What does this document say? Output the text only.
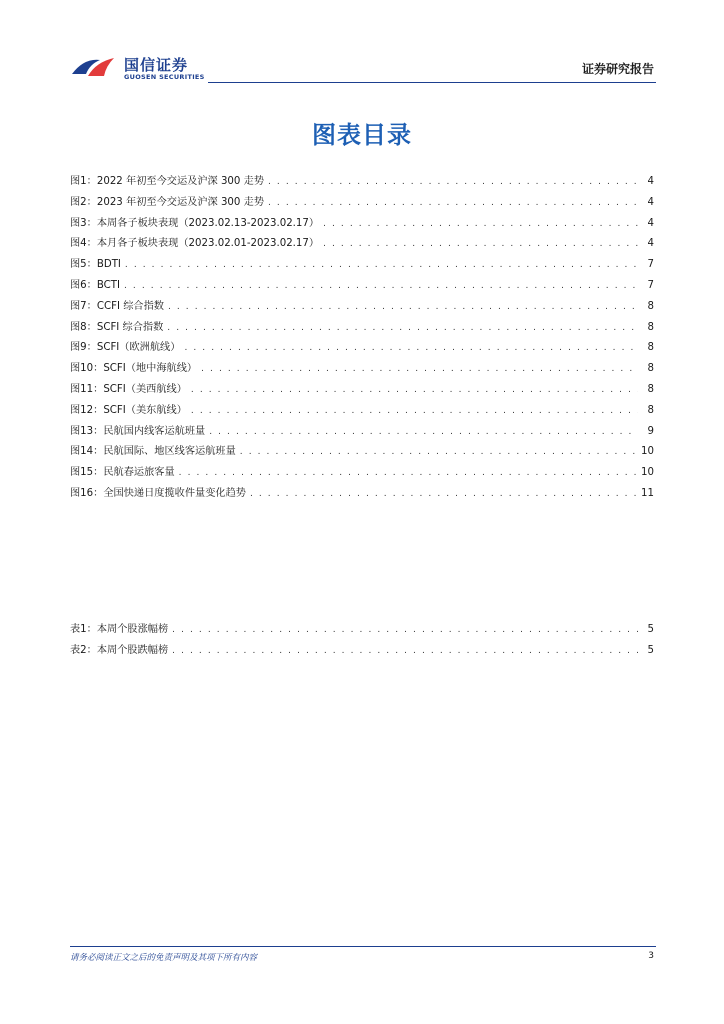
国信证券
GUOSEN SECURITIES
证券研究报告
图表目录
图1： 2022 年初至今交运及沪深 300 走势 . . .	4
图2： 2023 年初至今交运及沪深 300 走势 . . .	4
图3： 本周各子板块表现（2023.02.13-2023.02.17） . . .	4
图4： 本月各子板块表现（2023.02.01-2023.02.17） . . .	4
图5： BDTI . . .	7
图6： BCTI . . .	7
图7： CCFI 综合指数 . . .	8
图8： SCFI 综合指数 . . .	8
图9： SCFI（欧洲航线） . . .	8
图10： SCFI（地中海航线） . . .	8
图11： SCFI（美西航线） . . .	8
图12： SCFI（美东航线） . . .	8
图13： 民航国内线客运航班量 . . .	9
图14： 民航国际、地区线客运航班量 . . .	10
图15： 民航春运旅客量 . . .	10
图16： 全国快递日度揽收件量变化趋势 . . .	11
表1： 本周个股涨幅榜 . . .	5
表2： 本周个股跌幅榜 . . .	5
请务必阅读正文之后的免责声明及其项下所有内容	3
